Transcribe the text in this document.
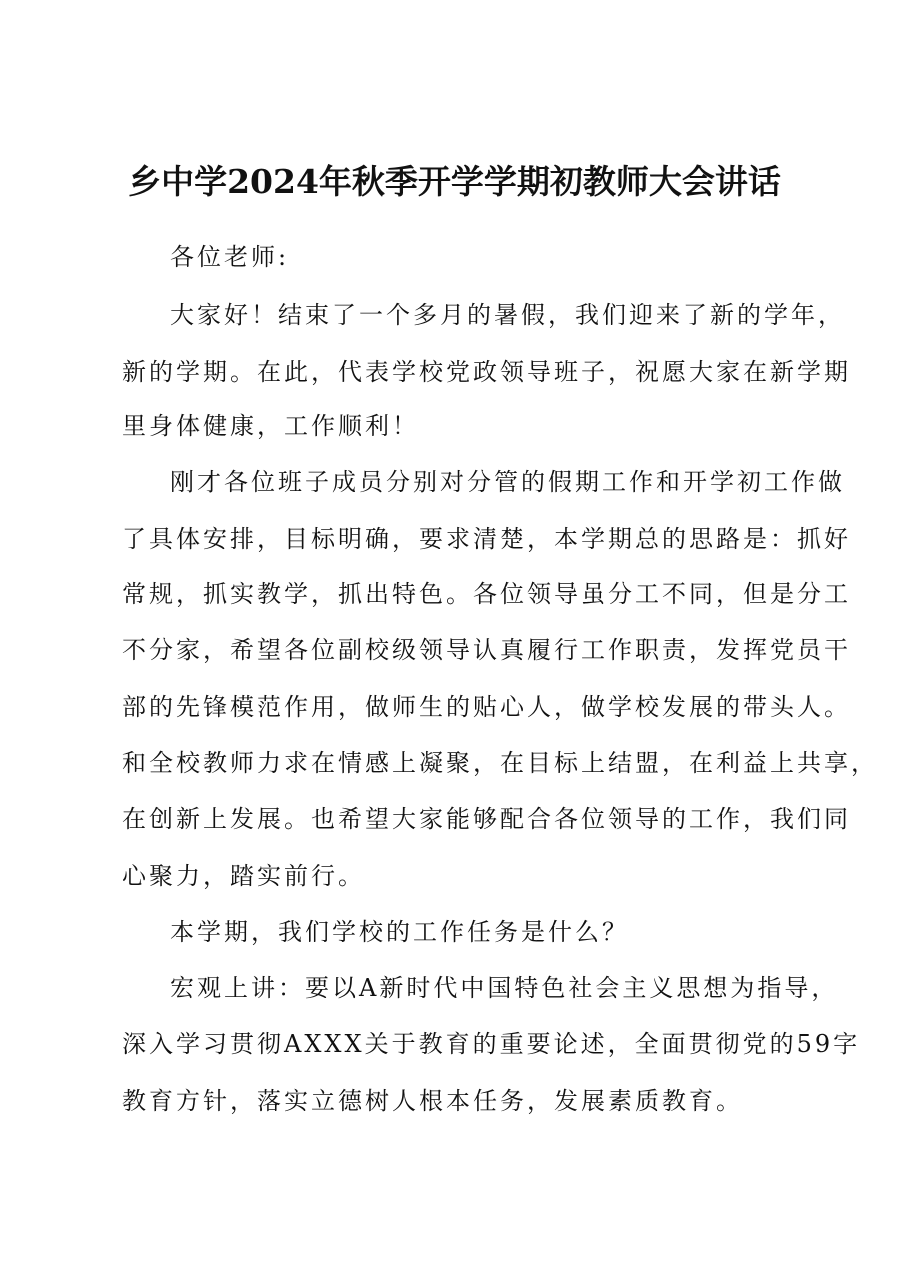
乡中学2024年秋季开学学期初教师大会讲话
各位老师:
大家好！结束了一个多月的暑假，我们迎来了新的学年，
新的学期。在此，代表学校党政领导班子，祝愿大家在新学期
里身体健康，工作顺利！
刚才各位班子成员分别对分管的假期工作和开学初工作做
了具体安排，目标明确，要求清楚，本学期总的思路是：抓好
常规，抓实教学，抓出特色。各位领导虽分工不同，但是分工
不分家，希望各位副校级领导认真履行工作职责，发挥党员干
部的先锋模范作用，做师生的贴心人，做学校发展的带头人。
和全校教师力求在情感上凝聚，在目标上结盟，在利益上共享，
在创新上发展。也希望大家能够配合各位领导的工作，我们同
心聚力，踏实前行。
本学期，我们学校的工作任务是什么？
宏观上讲：要以A新时代中国特色社会主义思想为指导，
深入学习贯彻AXXX关于教育的重要论述，全面贯彻党的59字
教育方针，落实立德树人根本任务，发展素质教育。
